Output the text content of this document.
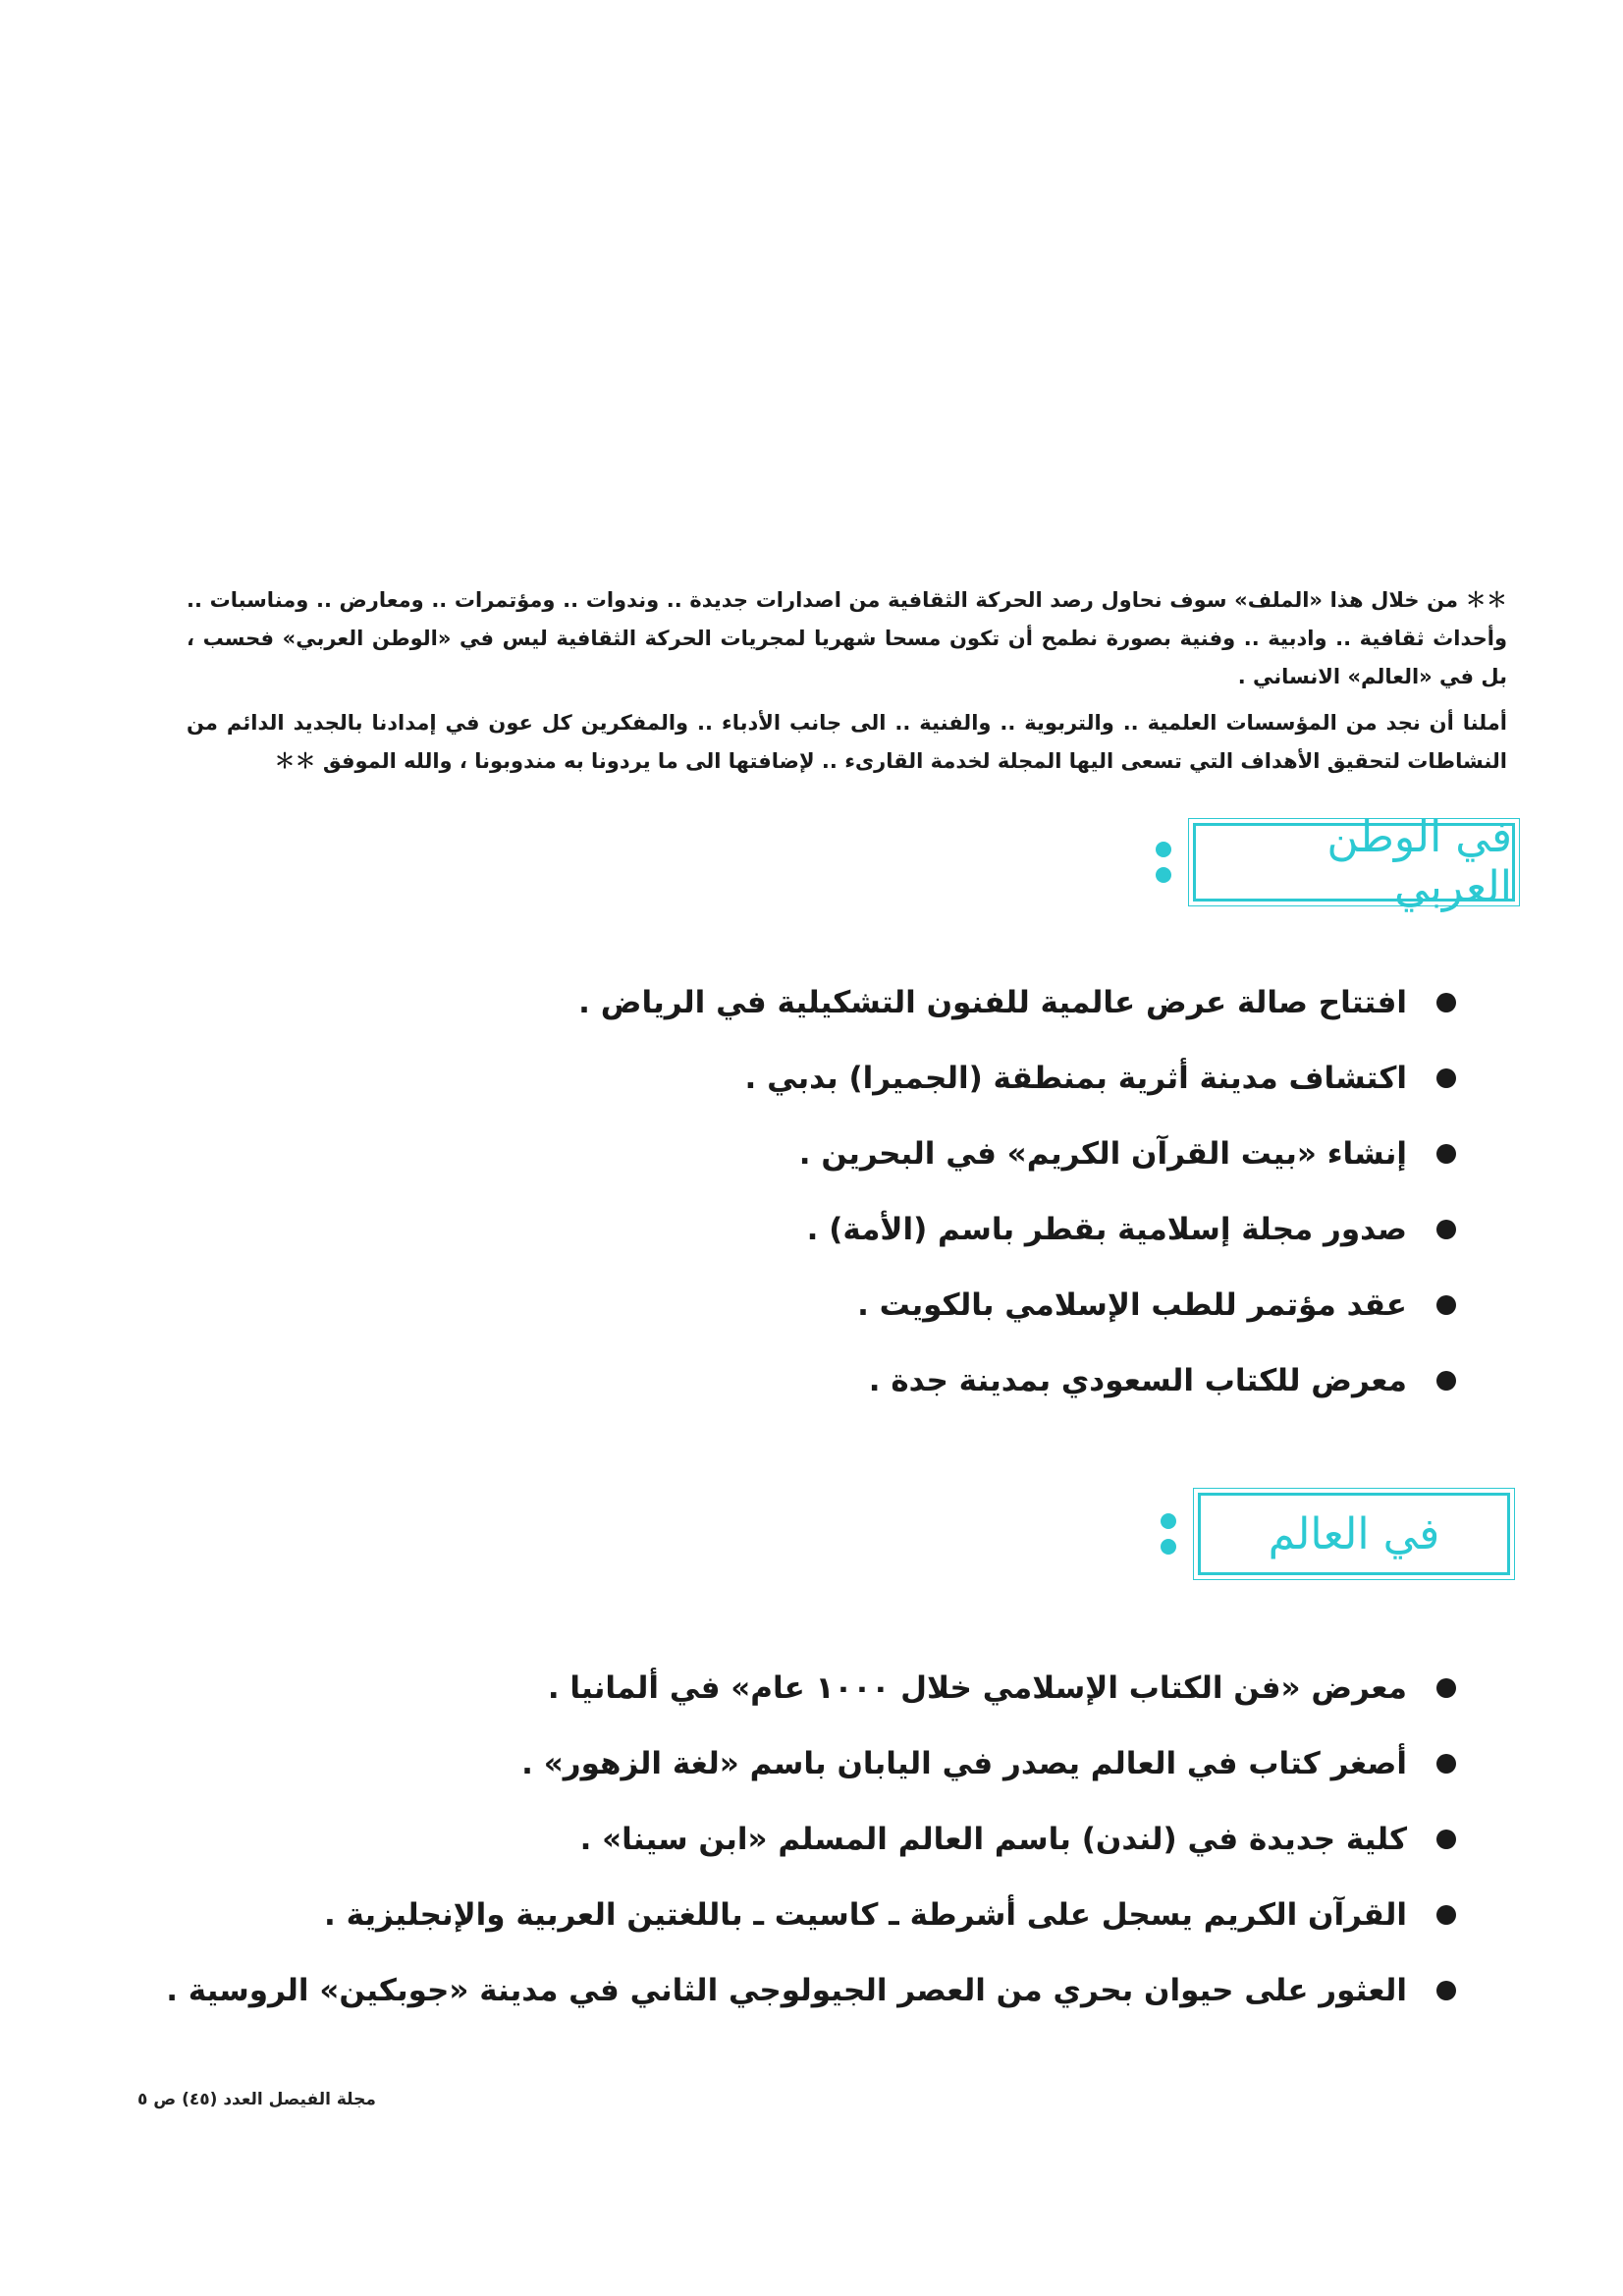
＊＊ من خلال هذا «الملف» سوف نحاول رصد الحركة الثقافية من اصدارات جديدة .. وندوات .. ومؤتمرات .. ومعارض .. ومناسبات .. وأحداث ثقافية .. وادبية .. وفنية بصورة نطمح أن تكون مسحا شهريا لمجريات الحركة الثقافية ليس في «الوطن العربي» فحسب ، بل في «العالم» الانساني .

أملنا أن نجد من المؤسسات العلمية .. والتربوية .. والفنية .. الى جانب الأدباء .. والمفكرين كل عون في إمدادنا بالجديد الدائم من النشاطات لتحقيق الأهداف التي تسعى اليها المجلة لخدمة القارىء .. لإضافتها الى ما يردونا به مندوبونا ، والله الموفق ＊＊

في الوطن العربي
افتتاح صالة عرض عالمية للفنون التشكيلية في الرياض .
اكتشاف مدينة أثرية بمنطقة (الجميرا) بدبي .
إنشاء «بيت القرآن الكريم» في البحرين .
صدور مجلة إسلامية بقطر باسم (الأمة) .
عقد مؤتمر للطب الإسلامي بالكويت .
معرض للكتاب السعودي بمدينة جدة .
في العالم
معرض «فن الكتاب الإسلامي خلال ١٠٠٠ عام» في ألمانيا .
أصغر كتاب في العالم يصدر في اليابان باسم «لغة الزهور» .
كلية جديدة في (لندن) باسم العالم المسلم «ابن سينا» .
القرآن الكريم يسجل على أشرطة ـ كاسيت ـ باللغتين العربية والإنجليزية .
العثور على حيوان بحري من العصر الجيولوجي الثاني في مدينة «جوبكين» الروسية .
مجلة الفيصل العدد (٤٥) ص ٥
